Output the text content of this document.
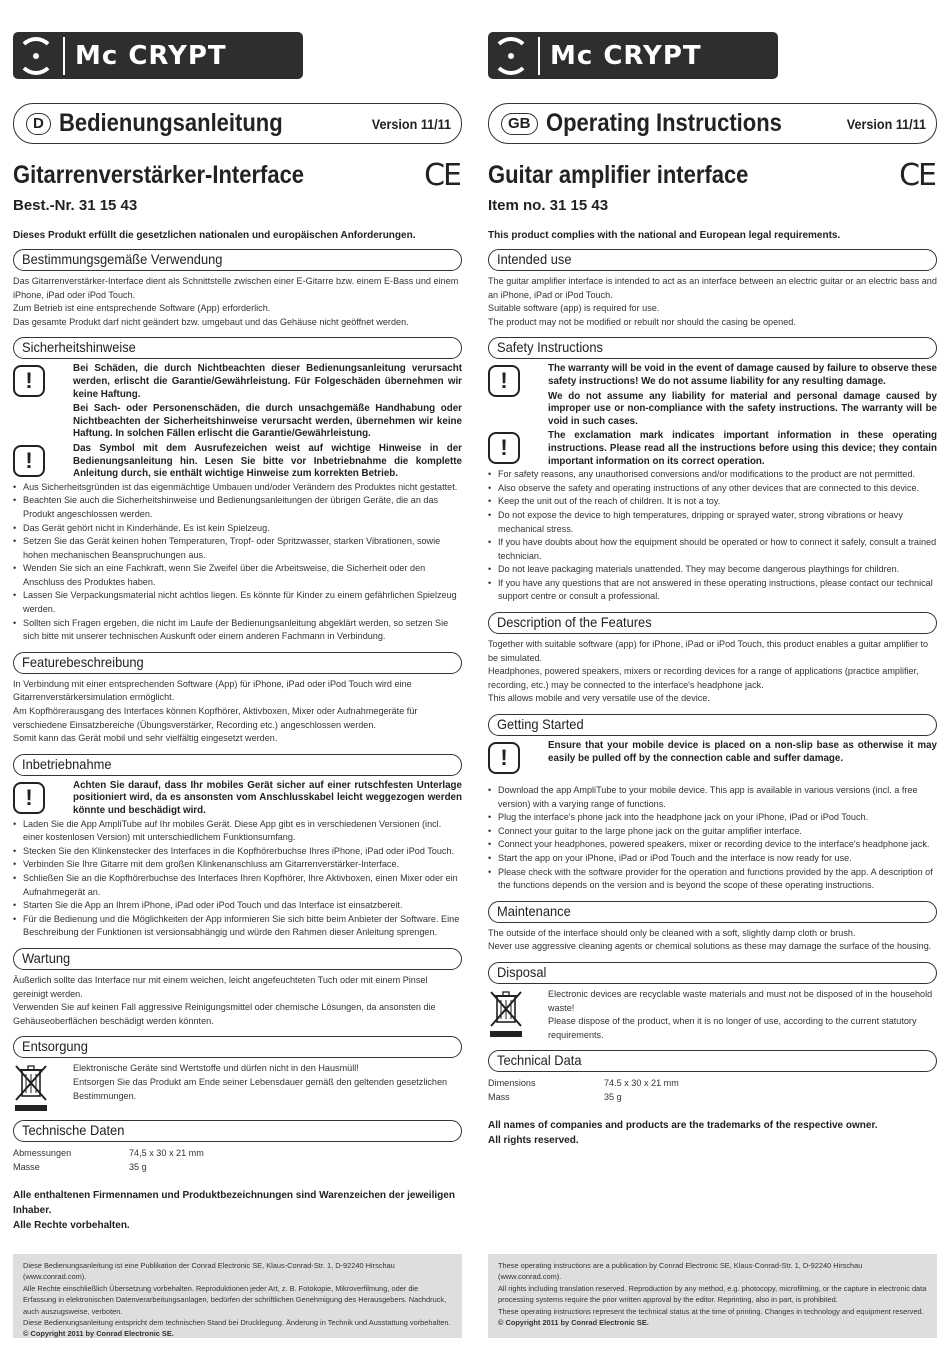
Mc CRYPT
D Bedienungsanleitung	Version 11/11
Gitarrenverstärker-Interface	CE
Best.-Nr. 31 15 43
Dieses Produkt erfüllt die gesetzlichen nationalen und europäischen Anforderungen.
Bestimmungsgemäße Verwendung
Das Gitarrenverstärker-Interface dient als Schnittstelle zwischen einer E-Gitarre bzw. einem E-Bass und einem iPhone, iPad oder iPod Touch.
Zum Betrieb ist eine entsprechende Software (App) erforderlich.
Das gesamte Produkt darf nicht geändert bzw. umgebaut und das Gehäuse nicht geöffnet werden.
Sicherheitshinweise
!	Bei Schäden, die durch Nichtbeachten dieser Bedienungsanleitung verursacht werden, erlischt die Garantie/Gewährleistung. Für Folgeschäden übernehmen wir keine Haftung.

Bei Sach- oder Personenschäden, die durch unsachgemäße Handhabung oder Nichtbeachten der Sicherheitshinweise verursacht werden, übernehmen wir keine Haftung. In solchen Fällen erlischt die Garantie/Gewährleistung.

!	Das Symbol mit dem Ausrufezeichen weist auf wichtige Hinweise in der Bedienungsanleitung hin. Lesen Sie bitte vor Inbetriebnahme die komplette Anleitung durch, sie enthält wichtige Hinweise zum korrekten Betrieb.

• Aus Sicherheitsgründen ist das eigenmächtige Umbauen und/oder Verändern des Produktes nicht gestattet.
• Beachten Sie auch die Sicherheitshinweise und Bedienungsanleitungen der übrigen Geräte, die an das Produkt angeschlossen werden.
• Das Gerät gehört nicht in Kinderhände. Es ist kein Spielzeug.
• Setzen Sie das Gerät keinen hohen Temperaturen, Tropf- oder Spritzwasser, starken Vibrationen, sowie hohen mechanischen Beanspruchungen aus.
• Wenden Sie sich an eine Fachkraft, wenn Sie Zweifel über die Arbeitsweise, die Sicherheit oder den Anschluss des Produktes haben.
• Lassen Sie Verpackungsmaterial nicht achtlos liegen. Es könnte für Kinder zu einem gefährlichen Spielzeug werden.
• Sollten sich Fragen ergeben, die nicht im Laufe der Bedienungsanleitung abgeklärt werden, so setzen Sie sich bitte mit unserer technischen Auskunft oder einem anderen Fachmann in Verbindung.
Featurebeschreibung
In Verbindung mit einer entsprechenden Software (App) für iPhone, iPad oder iPod Touch wird eine Gitarrenverstärkersimulation ermöglicht.
Am Kopfhörerausgang des Interfaces können Kopfhörer, Aktivboxen, Mixer oder Aufnahmegeräte für verschiedene Einsatzbereiche (Übungsverstärker, Recording etc.) angeschlossen werden.
Somit kann das Gerät mobil und sehr vielfältig eingesetzt werden.
Inbetriebnahme
!	Achten Sie darauf, dass Ihr mobiles Gerät sicher auf einer rutschfesten Unterlage positioniert wird, da es ansonsten vom Anschlusskabel leicht weggezogen werden könnte und beschädigt wird.

• Laden Sie die App AmpliTube auf Ihr mobiles Gerät. Diese App gibt es in verschiedenen Versionen (incl. einer kostenlosen Version) mit unterschiedlichem Funktionsumfang.
• Stecken Sie den Klinkenstecker des Interfaces in die Kopfhörerbuchse Ihres iPhone, iPad oder iPod Touch.
• Verbinden Sie Ihre Gitarre mit dem großen Klinkenanschluss am Gitarrenverstärker-Interface.
• Schließen Sie an die Kopfhörerbuchse des Interfaces Ihren Kopfhörer, Ihre Aktivboxen, einen Mixer oder ein Aufnahmegerät an.
• Starten Sie die App an Ihrem iPhone, iPad oder iPod Touch und das Interface ist einsatzbereit.
• Für die Bedienung und die Möglichkeiten der App informieren Sie sich bitte beim Anbieter der Software. Eine Beschreibung der Funktionen ist versionsabhängig und würde den Rahmen dieser Anleitung sprengen.
Wartung
Äußerlich sollte das Interface nur mit einem weichen, leicht angefeuchteten Tuch oder mit einem Pinsel gereinigt werden.
Verwenden Sie auf keinen Fall aggressive Reinigungsmittel oder chemische Lösungen, da ansonsten die Gehäuseoberflächen beschädigt werden könnten.
Entsorgung
Elektronische Geräte sind Wertstoffe und dürfen nicht in den Hausmüll!
Entsorgen Sie das Produkt am Ende seiner Lebensdauer gemäß den geltenden gesetzlichen Bestimmungen.
Technische Daten
Abmessungen	74,5 x 30 x 21 mm
Masse	35 g
Alle enthaltenen Firmennamen und Produktbezeichnungen sind Warenzeichen der jeweiligen Inhaber.
Alle Rechte vorbehalten.
Mc CRYPT
GB Operating Instructions	Version 11/11
Guitar amplifier interface	CE
Item no. 31 15 43
This product complies with the national and European legal requirements.
Intended use
The guitar amplifier interface is intended to act as an interface between an electric guitar or an electric bass and an iPhone, iPad or iPod Touch.
Suitable software (app) is required for use.
The product may not be modified or rebuilt nor should the casing be opened.
Safety Instructions
!	The warranty will be void in the event of damage caused by failure to observe these safety instructions! We do not assume liability for any resulting damage.

We do not assume any liability for material and personal damage caused by improper use or non-compliance with the safety instructions. The warranty will be void in such cases.

!	The exclamation mark indicates important information in these operating instructions. Please read all the instructions before using this device; they contain important information on its correct operation.

• For safety reasons, any unauthorised conversions and/or modifications to the product are not permitted.
• Also observe the safety and operating instructions of any other devices that are connected to this device.
• Keep the unit out of the reach of children. It is not a toy.
• Do not expose the device to high temperatures, dripping or sprayed water, strong vibrations or heavy mechanical stress.
• If you have doubts about how the equipment should be operated or how to connect it safely, consult a trained technician.
• Do not leave packaging materials unattended. They may become dangerous playthings for children.
• If you have any questions that are not answered in these operating instructions, please contact our technical support centre or consult a professional.
Description of the Features
Together with suitable software (app) for iPhone, iPad or iPod Touch, this product enables a guitar amplifier to be simulated.
Headphones, powered speakers, mixers or recording devices for a range of applications (practice amplifier, recording, etc.) may be connected to the interface's headphone jack.
This allows mobile and very versatile use of the device.
Getting Started
!	Ensure that your mobile device is placed on a non-slip base as otherwise it may easily be pulled off by the connection cable and suffer damage.

• Download the app AmpliTube to your mobile device. This app is available in various versions (incl. a free version) with a varying range of functions.
• Plug the interface's phone jack into the headphone jack on your iPhone, iPad or iPod Touch.
• Connect your guitar to the large phone jack on the guitar amplifier interface.
• Connect your headphones, powered speakers, mixer or recording device to the interface's headphone jack.
• Start the app on your iPhone, iPad or iPod Touch and the interface is now ready for use.
• Please check with the software provider for the operation and functions provided by the app. A description of the functions depends on the version and is beyond the scope of these operating instructions.
Maintenance
The outside of the interface should only be cleaned with a soft, slightly damp cloth or brush.
Never use aggressive cleaning agents or chemical solutions as these may damage the surface of the housing.
Disposal
Electronic devices are recyclable waste materials and must not be disposed of in the household waste!
Please dispose of the product, when it is no longer of use, according to the current statutory requirements.
Technical Data
Dimensions	74.5 x 30 x 21 mm
Mass	35 g
All names of companies and products are the trademarks of the respective owner.
All rights reserved.
Diese Bedienungsanleitung ist eine Publikation der Conrad Electronic SE, Klaus-Conrad-Str. 1, D-92240 Hirschau (www.conrad.com).
Alle Rechte einschließlich Übersetzung vorbehalten. Reproduktionen jeder Art, z. B. Fotokopie, Mikroverfilmung, oder die Erfassung in elektronischen Datenverarbeitungsanlagen, bedürfen der schriftlichen Genehmigung des Herausgebers. Nachdruck, auch auszugsweise, verboten.
Diese Bedienungsanleitung entspricht dem technischen Stand bei Drucklegung. Änderung in Technik und Ausstattung vorbehalten.
© Copyright 2011 by Conrad Electronic SE.
These operating instructions are a publication by Conrad Electronic SE, Klaus-Conrad-Str. 1, D-92240 Hirschau (www.conrad.com).
All rights including translation reserved. Reproduction by any method, e.g. photocopy, microfilming, or the capture in electronic data processing systems require the prior written approval by the editor. Reprinting, also in part, is prohibited.
These operating instructions represent the technical status at the time of printing. Changes in technology and equipment reserved.
© Copyright 2011 by Conrad Electronic SE.
